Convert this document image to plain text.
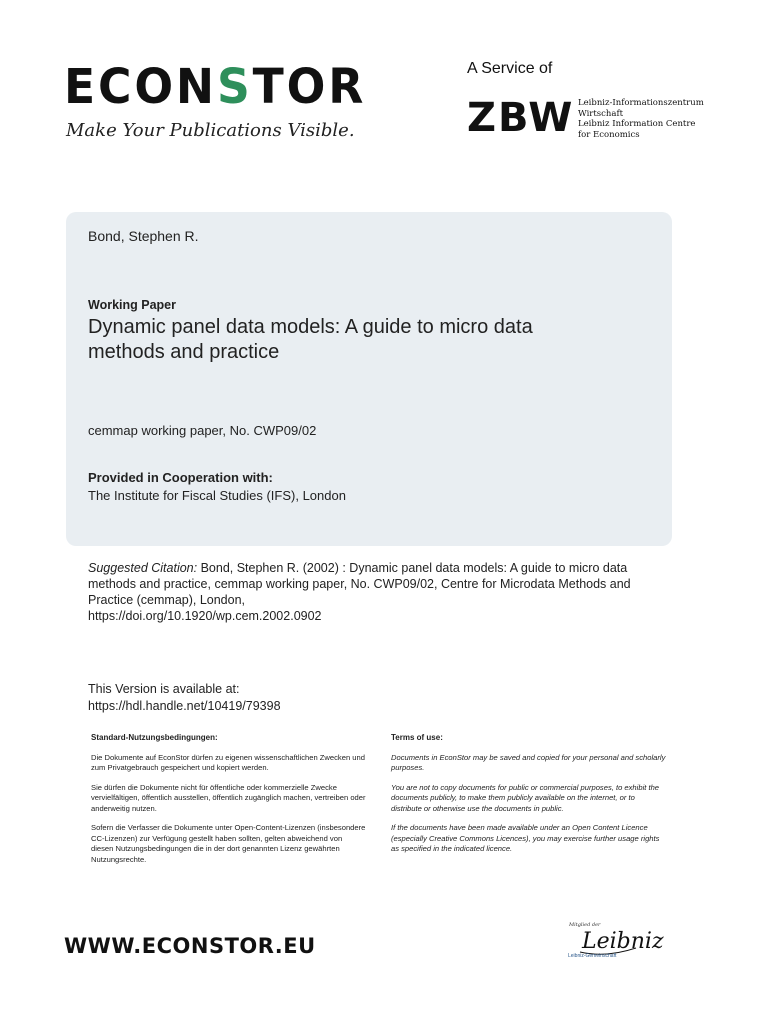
ECONSTOR
Make Your Publications Visible.
A Service of
ZBW Leibniz-Informationszentrum
Wirtschaft
Leibniz Information Centre
for Economics
Bond, Stephen R.
Working Paper
Dynamic panel data models: A guide to micro data methods and practice
cemmap working paper, No. CWP09/02
Provided in Cooperation with:
The Institute for Fiscal Studies (IFS), London
Suggested Citation: Bond, Stephen R. (2002) : Dynamic panel data models: A guide to micro data methods and practice, cemmap working paper, No. CWP09/02, Centre for Microdata Methods and Practice (cemmap), London,
https://doi.org/10.1920/wp.cem.2002.0902
This Version is available at:
https://hdl.handle.net/10419/79398
Standard-Nutzungsbedingungen:

Die Dokumente auf EconStor dürfen zu eigenen wissenschaftlichen Zwecken und zum Privatgebrauch gespeichert und kopiert werden.

Sie dürfen die Dokumente nicht für öffentliche oder kommerzielle Zwecke vervielfältigen, öffentlich ausstellen, öffentlich zugänglich machen, vertreiben oder anderweitig nutzen.

Sofern die Verfasser die Dokumente unter Open-Content-Lizenzen (insbesondere CC-Lizenzen) zur Verfügung gestellt haben sollten, gelten abweichend von diesen Nutzungsbedingungen die in der dort genannten Lizenz gewährten Nutzungsrechte.

Terms of use:

Documents in EconStor may be saved and copied for your personal and scholarly purposes.

You are not to copy documents for public or commercial purposes, to exhibit the documents publicly, to make them publicly available on the internet, or to distribute or otherwise use the documents in public.

If the documents have been made available under an Open Content Licence (especially Creative Commons Licences), you may exercise further usage rights as specified in the indicated licence.

WWW.ECONSTOR.EU
Mitglied der
Leibniz
Leibniz-Gemeinschaft
